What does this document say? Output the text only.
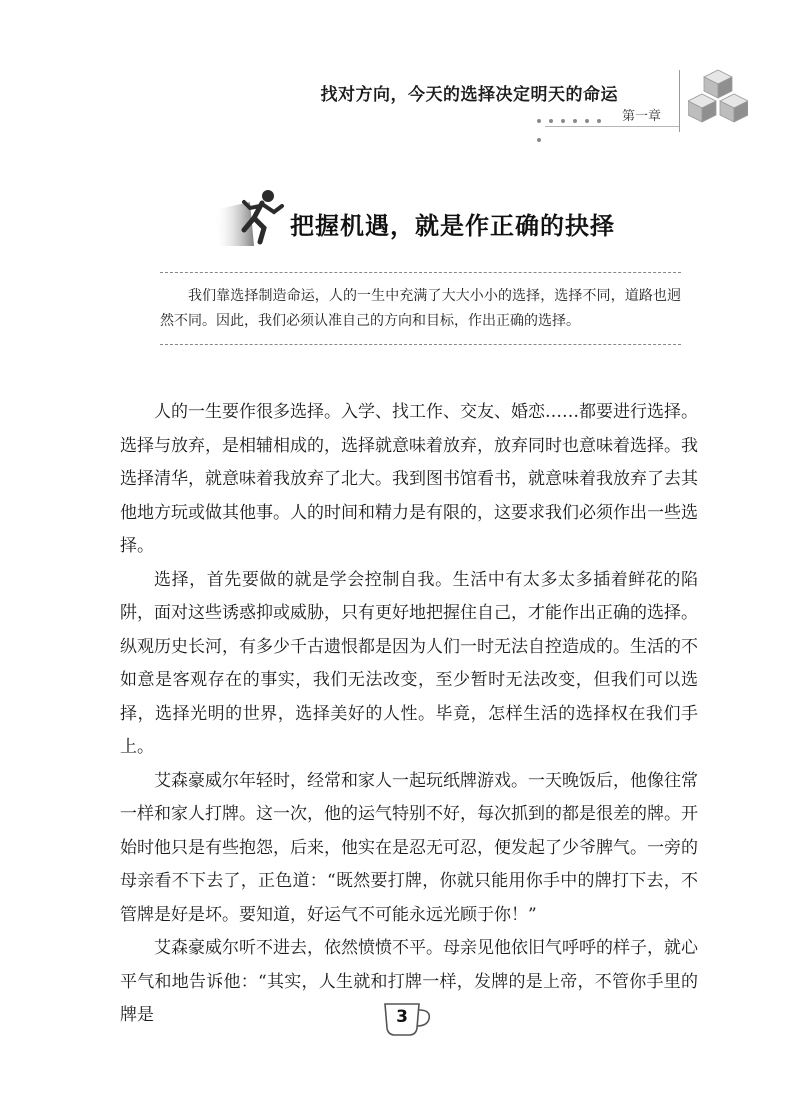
找对方向，今天的选择决定明天的命运
第一章
把握机遇，就是作正确的抉择
我们靠选择制造命运，人的一生中充满了大大小小的选择，选择不同，道路也迥然不同。因此，我们必须认准自己的方向和目标，作出正确的选择。

人的一生要作很多选择。入学、找工作、交友、婚恋……都要进行选择。选择与放弃，是相辅相成的，选择就意味着放弃，放弃同时也意味着选择。我选择清华，就意味着我放弃了北大。我到图书馆看书，就意味着我放弃了去其他地方玩或做其他事。人的时间和精力是有限的，这要求我们必须作出一些选择。

选择，首先要做的就是学会控制自我。生活中有太多太多插着鲜花的陷阱，面对这些诱惑抑或威胁，只有更好地把握住自己，才能作出正确的选择。纵观历史长河，有多少千古遗恨都是因为人们一时无法自控造成的。生活的不如意是客观存在的事实，我们无法改变，至少暂时无法改变，但我们可以选择，选择光明的世界，选择美好的人性。毕竟，怎样生活的选择权在我们手上。

艾森豪威尔年轻时，经常和家人一起玩纸牌游戏。一天晚饭后，他像往常一样和家人打牌。这一次，他的运气特别不好，每次抓到的都是很差的牌。开始时他只是有些抱怨，后来，他实在是忍无可忍，便发起了少爷脾气。一旁的母亲看不下去了，正色道：“既然要打牌，你就只能用你手中的牌打下去，不管牌是好是坏。要知道，好运气不可能永远光顾于你！”

艾森豪威尔听不进去，依然愤愤不平。母亲见他依旧气呼呼的样子，就心平气和地告诉他：“其实，人生就和打牌一样，发牌的是上帝，不管你手里的牌是	3
